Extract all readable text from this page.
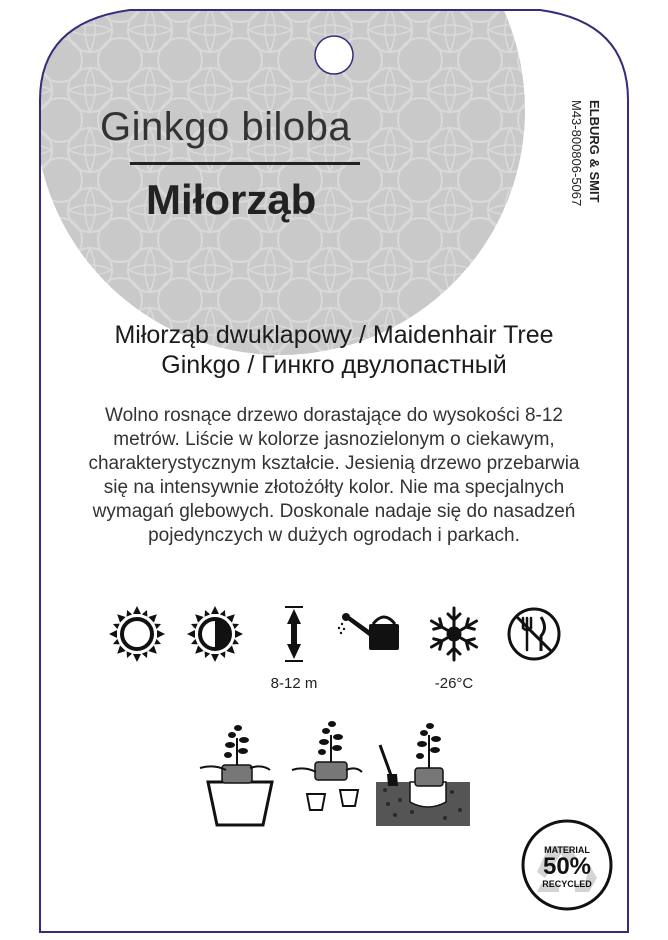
Ginkgo biloba
Miłorząb	ELBURG & SMIT
M43-800806-5067
Miłorząb dwuklapowy / Maidenhair Tree
Ginkgo / Гинкго двулопастный
Wolno rosnące drzewo dorastające do wysokości 8-12
metrów. Liście w kolorze jasnozielonym o ciekawym,
charakterystycznym kształcie. Jesienią drzewo przebarwia
się na intensywnie złotożółty kolor. Nie ma specjalnych
wymagań glebowych. Doskonale nadaje się do nasadzeń
pojedynczych w dużych ogrodach i parkach.
8-12 m	-26°C
MATERIAL
50%
RECYCLED
